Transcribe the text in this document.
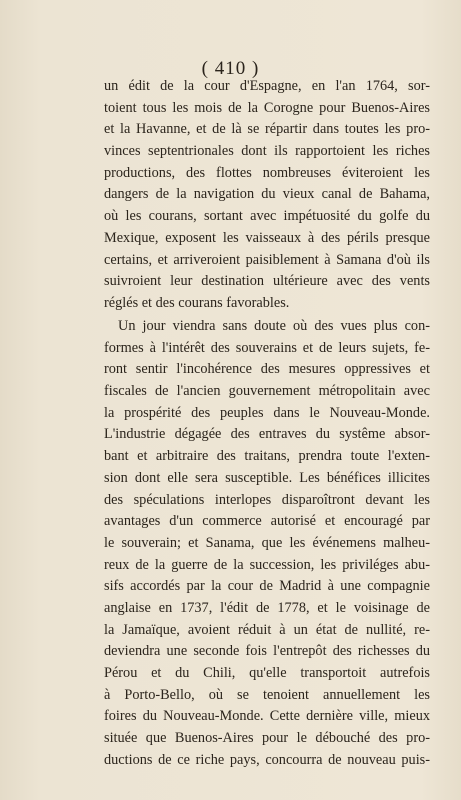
( 410 )
un édit de la cour d'Espagne, en l'an 1764, sor-
toient tous les mois de la Corogne pour Buenos-Aires
et la Havanne, et de là se répartir dans toutes les pro-
vinces septentrionales dont ils rapportoient les riches
productions, des flottes nombreuses éviteroient les
dangers de la navigation du vieux canal de Bahama,
où les courans, sortant avec impétuosité du golfe du
Mexique, exposent les vaisseaux à des périls presque
certains, et arriveroient paisiblement à Samana d'où ils
suivroient leur destination ultérieure avec des vents
réglés et des courans favorables.
Un jour viendra sans doute où des vues plus con-
formes à l'intérêt des souverains et de leurs sujets, fe-
ront sentir l'incohérence des mesures oppressives et
fiscales de l'ancien gouvernement métropolitain avec
la prospérité des peuples dans le Nouveau-Monde.
L'industrie dégagée des entraves du systême absor-
bant et arbitraire des traitans, prendra toute l'exten-
sion dont elle sera susceptible. Les bénéfices illicites
des spéculations interlopes disparoîtront devant les
avantages d'un commerce autorisé et encouragé par
le souverain; et Sanama, que les événemens malheu-
reux de la guerre de la succession, les priviléges abu-
sifs accordés par la cour de Madrid à une compagnie
anglaise en 1737, l'édit de 1778, et le voisinage de
la Jamaïque, avoient réduit à un état de nullité, re-
deviendra une seconde fois l'entrepôt des richesses du
Pérou et du Chili, qu'elle transportoit autrefois
à Porto-Bello, où se tenoient annuellement les
foires du Nouveau-Monde. Cette dernière ville, mieux
située que Buenos-Aires pour le débouché des pro-
ductions de ce riche pays, concourra de nouveau puis-
